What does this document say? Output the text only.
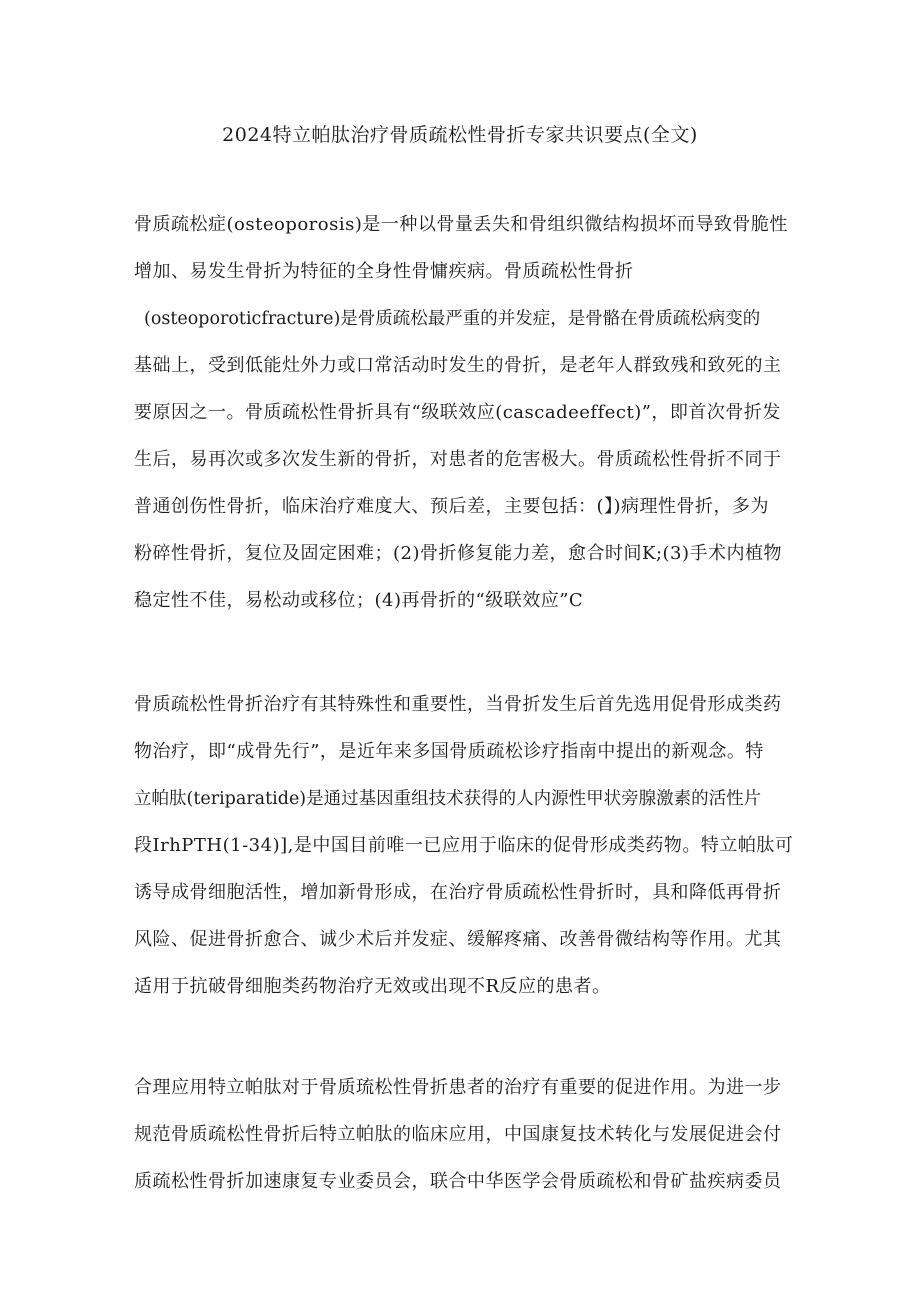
2024特立帕肽治疗骨质疏松性骨折专家共识要点(全文)
骨质疏松症(osteoporosis)是一种以骨量丢失和骨组织微结构损坏而导致骨脆性
增加、易发生骨折为特征的全身性骨慵疾病。骨质疏松性骨折
(osteoporoticfracture)是骨质疏松最严重的并发症，是骨骼在骨质疏松病变的
基础上，受到低能灶外力或口常活动时发生的骨折，是老年人群致残和致死的主
要原因之一。骨质疏松性骨折具有“级联效应(cascadeeffect)”，即首次骨折发
生后，易再次或多次发生新的骨折，对患者的危害极大。骨质疏松性骨折不同于
普通创伤性骨折，临床治疗难度大、预后差，主要包括：(】)病理性骨折，多为
粉碎性骨折，复位及固定困难；(2)骨折修复能力差，愈合时间K;(3)手术内植物
稳定性不佳，易松动或移位；(4)再骨折的“级联效应”C
骨质疏松性骨折治疗有其特殊性和重要性，当骨折发生后首先选用促骨形成类药
物治疗，即“成骨先行”，是近年来多国骨质疏松诊疗指南中提出的新观念。特
立帕肽(teriparatide)是通过基因重组技术获得的人内源性甲状旁腺激素的活性片
段IrhPTH(1-34)],是中国目前唯一已应用于临床的促骨形成类药物。特立帕肽可
诱导成骨细胞活性，增加新骨形成，在治疗骨质疏松性骨折时，具和降低再骨折
风险、促进骨折愈合、诚少术后并发症、缓解疼痛、改善骨微结构等作用。尤其
适用于抗破骨细胞类药物治疗无效或出现不R反应的患者。
合理应用特立帕肽对于骨质琉松性骨折患者的治疗有重要的促进作用。为进一步
规范骨质疏松性骨折后特立帕肽的临床应用，中国康复技术转化与发展促进会付
质疏松性骨折加速康复专业委员会，联合中华医学会骨质疏松和骨矿盐疾病委员
